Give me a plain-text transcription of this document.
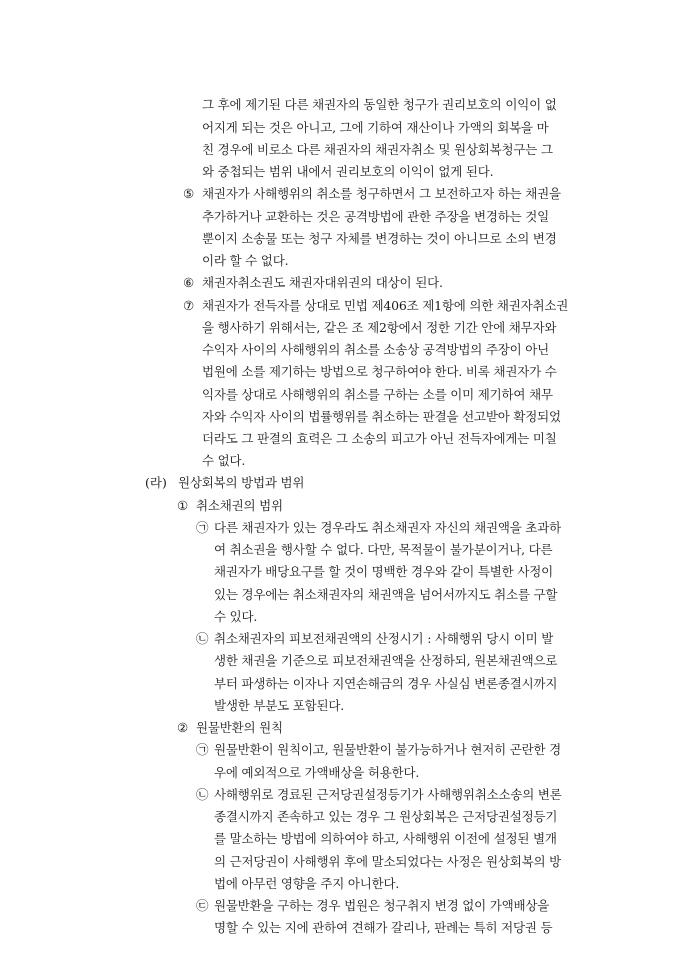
그 후에 제기된 다른 채권자의 동일한 청구가 권리보호의 이익이 없
어지게 되는 것은 아니고, 그에 기하여 재산이나 가액의 회복을 마
친 경우에 비로소 다른 채권자의 채권자취소 및 원상회복청구는 그
와 중첩되는 범위 내에서 권리보호의 이익이 없게 된다.
⑤ 채권자가 사해행위의 취소를 청구하면서 그 보전하고자 하는 채권을
추가하거나 교환하는 것은 공격방법에 관한 주장을 변경하는 것일
뿐이지 소송물 또는 청구 자체를 변경하는 것이 아니므로 소의 변경
이라 할 수 없다.
⑥ 채권자취소권도 채권자대위권의 대상이 된다.
⑦ 채권자가 전득자를 상대로 민법 제406조 제1항에 의한 채권자취소권
을 행사하기 위해서는, 같은 조 제2항에서 정한 기간 안에 채무자와
수익자 사이의 사해행위의 취소를 소송상 공격방법의 주장이 아닌
법원에 소를 제기하는 방법으로 청구하여야 한다. 비록 채권자가 수
익자를 상대로 사해행위의 취소를 구하는 소를 이미 제기하여 채무
자와 수익자 사이의 법률행위를 취소하는 판결을 선고받아 확정되었
더라도 그 판결의 효력은 그 소송의 피고가 아닌 전득자에게는 미칠
수 없다.
(라) 원상회복의 방법과 범위
① 취소채권의 범위
㉠ 다른 채권자가 있는 경우라도 취소채권자 자신의 채권액을 초과하
여 취소권을 행사할 수 없다. 다만, 목적물이 불가분이거나, 다른
채권자가 배당요구를 할 것이 명백한 경우와 같이 특별한 사정이
있는 경우에는 취소채권자의 채권액을 넘어서까지도 취소를 구할
수 있다.
㉡ 취소채권자의 피보전채권액의 산정시기 : 사해행위 당시 이미 발
생한 채권을 기준으로 피보전채권액을 산정하되, 원본채권액으로
부터 파생하는 이자나 지연손해금의 경우 사실심 변론종결시까지
발생한 부분도 포함된다.
② 원물반환의 원칙
㉠ 원물반환이 원칙이고, 원물반환이 불가능하거나 현저히 곤란한 경
우에 예외적으로 가액배상을 허용한다.
㉡ 사해행위로 경료된 근저당권설정등기가 사해행위취소소송의 변론
종결시까지 존속하고 있는 경우 그 원상회복은 근저당권설정등기
를 말소하는 방법에 의하여야 하고, 사해행위 이전에 설정된 별개
의 근저당권이 사해행위 후에 말소되었다는 사정은 원상회복의 방
법에 아무런 영향을 주지 아니한다.
㉢ 원물반환을 구하는 경우 법원은 청구취지 변경 없이 가액배상을
명할 수 있는 지에 관하여 견해가 갈리나, 판례는 특히 저당권 등
